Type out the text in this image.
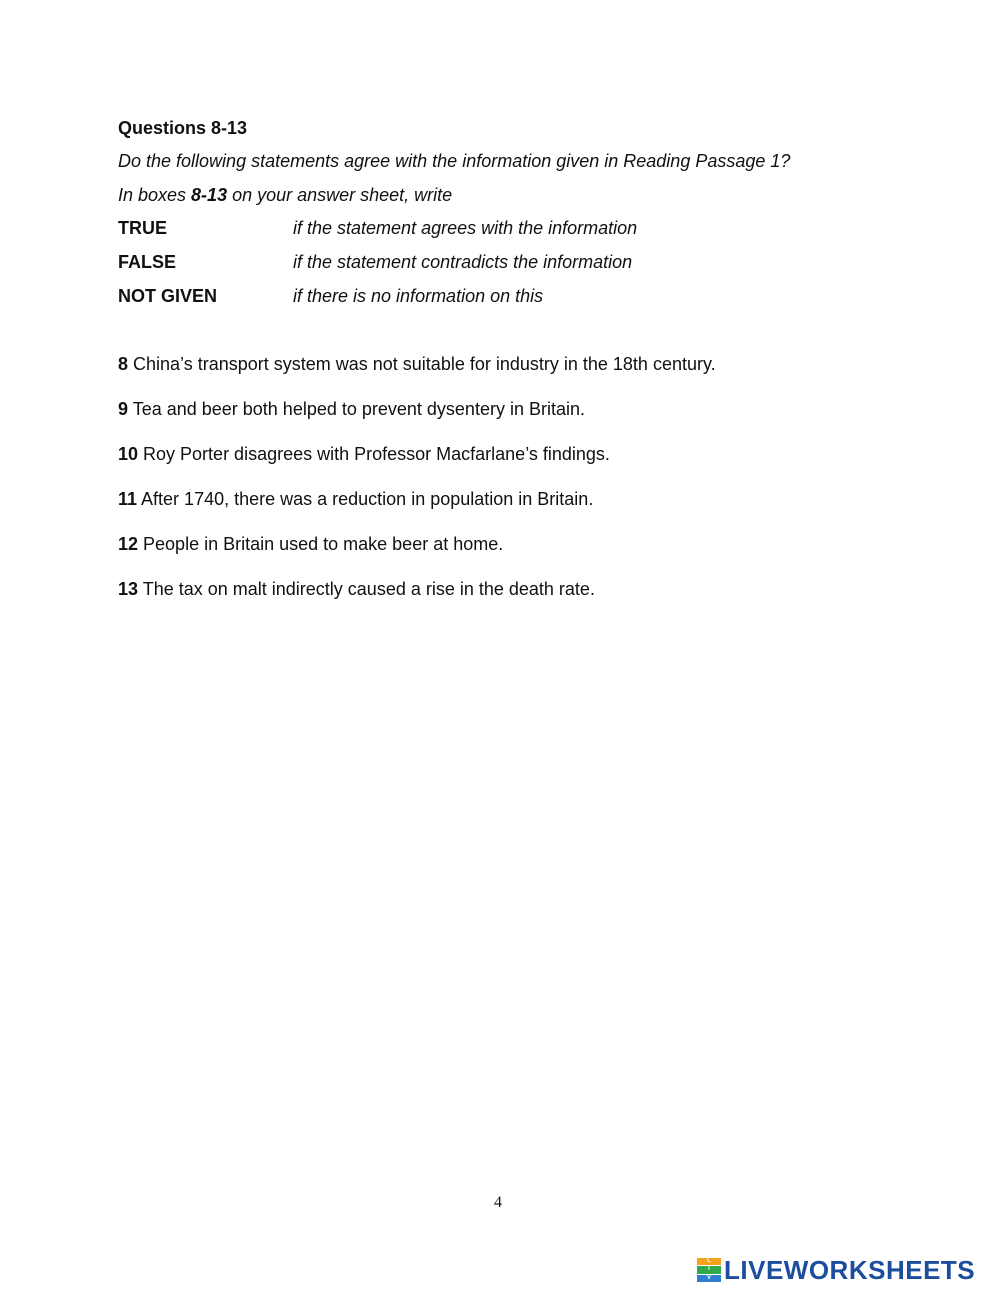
Questions 8-13
Do the following statements agree with the information given in Reading Passage 1?
In boxes 8-13 on your answer sheet, write
TRUE	if the statement agrees with the information
FALSE	if the statement contradicts the information
NOT GIVEN	if there is no information on this
8 China’s transport system was not suitable for industry in the 18th century.
9 Tea and beer both helped to prevent dysentery in Britain.
10 Roy Porter disagrees with Professor Macfarlane’s findings.
11 After 1740, there was a reduction in population in Britain.
12 People in Britain used to make beer at home.
13 The tax on malt indirectly caused a rise in the death rate.
4
L
I
V LIVEWORKSHEETS
